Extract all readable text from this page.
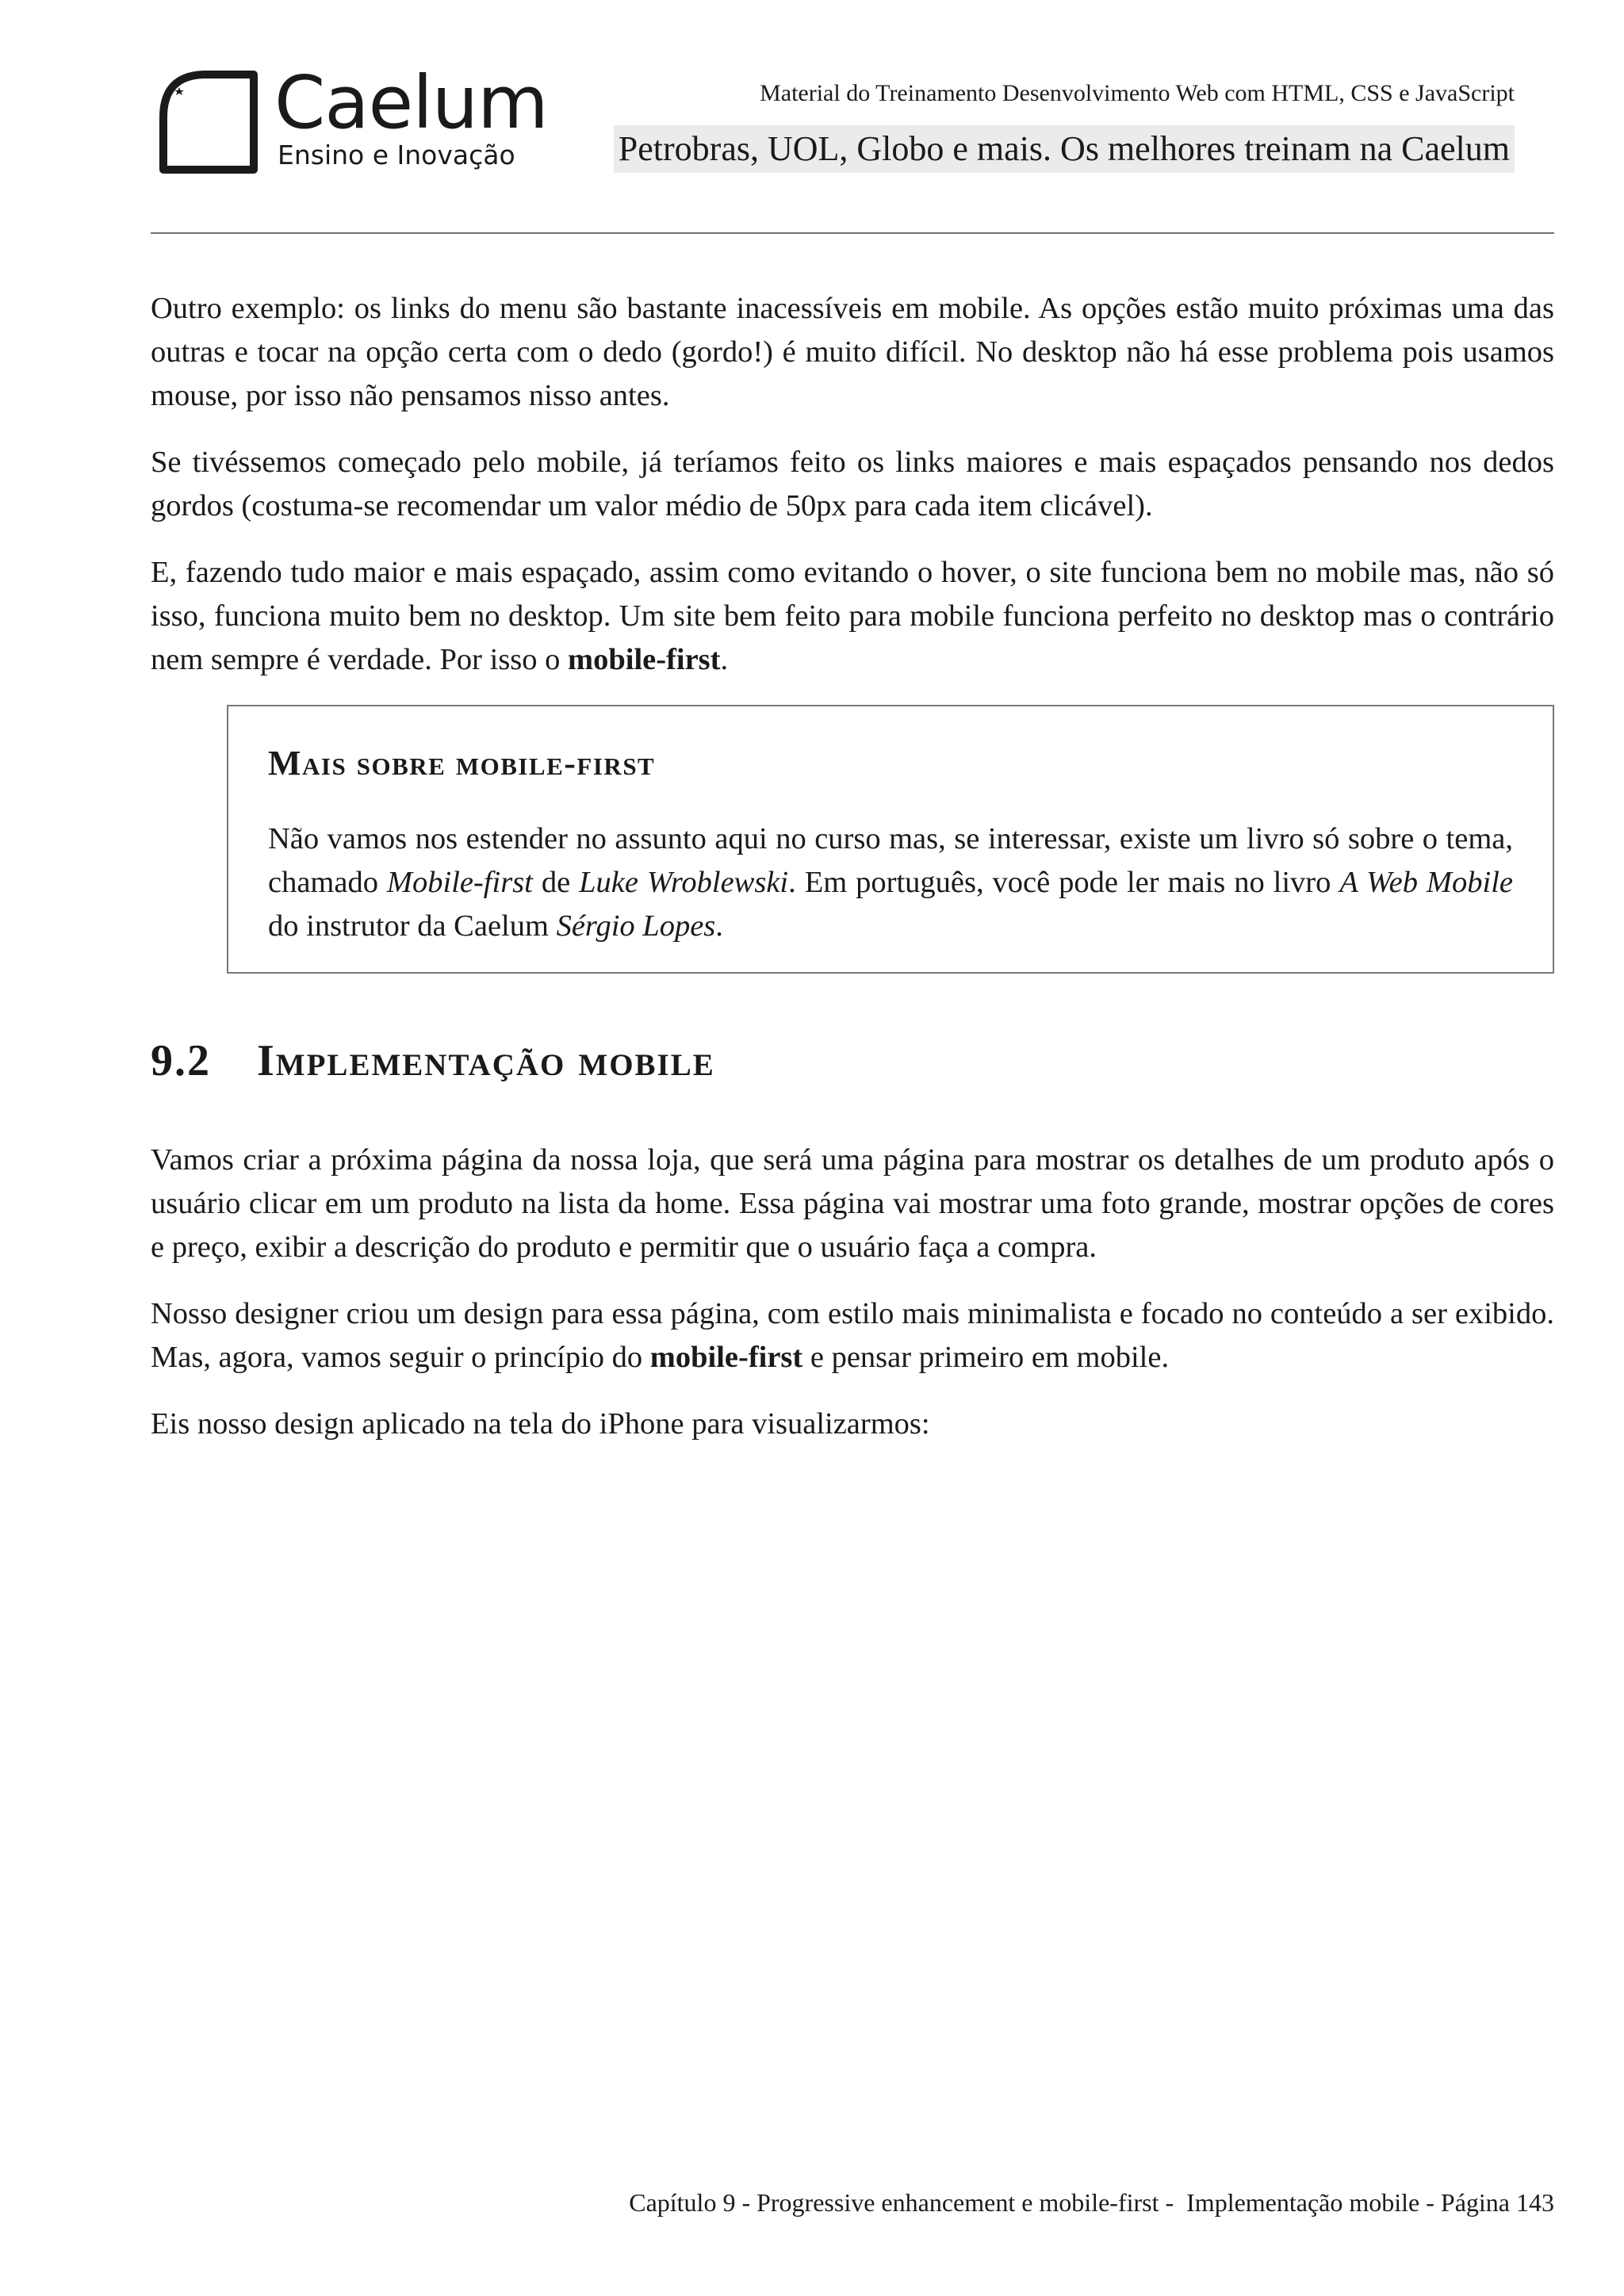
Caelum
Ensino e Inovação
Material do Treinamento Desenvolvimento Web com HTML, CSS e JavaScript
Petrobras, UOL, Globo e mais. Os melhores treinam na Caelum

Outro exemplo: os links do menu são bastante inacessíveis em mobile. As opções estão muito próximas uma das outras e tocar na opção certa com o dedo (gordo!) é muito difícil. No desktop não há esse problema pois usamos mouse, por isso não pensamos nisso antes.

Se tivéssemos começado pelo mobile, já teríamos feito os links maiores e mais espaçados pensando nos dedos gordos (costuma-se recomendar um valor médio de 50px para cada item clicável).

E, fazendo tudo maior e mais espaçado, assim como evitando o hover, o site funciona bem no mobile mas, não só isso, funciona muito bem no desktop. Um site bem feito para mobile funciona perfeito no desktop mas o contrário nem sempre é verdade. Por isso o mobile-first.

Mais sobre mobile-first

Não vamos nos estender no assunto aqui no curso mas, se interessar, existe um livro só sobre o tema, chamado Mobile-first de Luke Wroblewski. Em português, você pode ler mais no livro A Web Mobile do instrutor da Caelum Sérgio Lopes.

9.2	Implementação mobile

Vamos criar a próxima página da nossa loja, que será uma página para mostrar os detalhes de um produto após o usuário clicar em um produto na lista da home. Essa página vai mostrar uma foto grande, mostrar opções de cores e preço, exibir a descrição do produto e permitir que o usuário faça a compra.

Nosso designer criou um design para essa página, com estilo mais minimalista e focado no conteúdo a ser exibido. Mas, agora, vamos seguir o princípio do mobile-first e pensar primeiro em mobile.

Eis nosso design aplicado na tela do iPhone para visualizarmos:

Capítulo 9 - Progressive enhancement e mobile-first -  Implementação mobile - Página 143
